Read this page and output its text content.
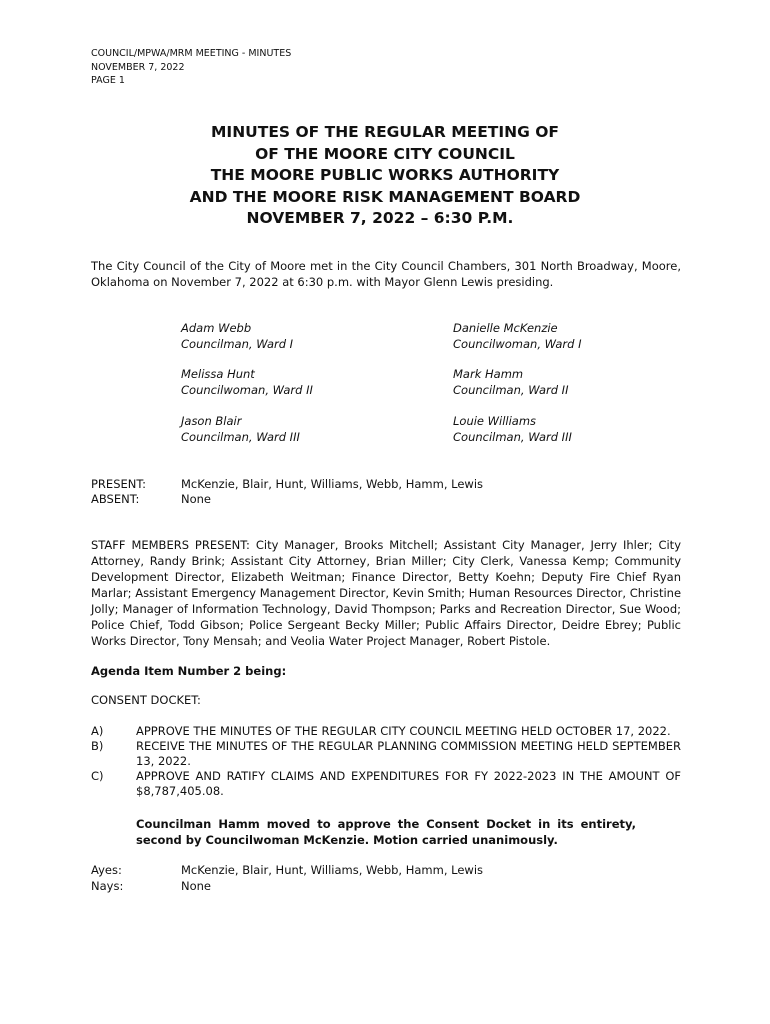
COUNCIL/MPWA/MRM MEETING - MINUTES
NOVEMBER 7, 2022
PAGE 1
MINUTES OF THE REGULAR MEETING OF
OF THE MOORE CITY COUNCIL
THE MOORE PUBLIC WORKS AUTHORITY
AND THE MOORE RISK MANAGEMENT BOARD
NOVEMBER 7, 2022 – 6:30 P.M.

The City Council of the City of Moore met in the City Council Chambers, 301 North Broadway, Moore, Oklahoma on November 7, 2022 at 6:30 p.m. with Mayor Glenn Lewis presiding.

Adam Webb
Councilman, Ward I
Danielle McKenzie
Councilwoman, Ward I
Melissa Hunt
Councilwoman, Ward II
Mark Hamm
Councilman, Ward II
Jason Blair
Councilman, Ward III
Louie Williams
Councilman, Ward III
PRESENT:	McKenzie, Blair, Hunt, Williams, Webb, Hamm, Lewis
ABSENT:	None

STAFF MEMBERS PRESENT: City Manager, Brooks Mitchell; Assistant City Manager, Jerry Ihler; City Attorney, Randy Brink; Assistant City Attorney, Brian Miller; City Clerk, Vanessa Kemp; Community Development Director, Elizabeth Weitman; Finance Director, Betty Koehn; Deputy Fire Chief Ryan Marlar; Assistant Emergency Management Director, Kevin Smith; Human Resources Director, Christine Jolly; Manager of Information Technology, David Thompson; Parks and Recreation Director, Sue Wood; Police Chief, Todd Gibson; Police Sergeant Becky Miller; Public Affairs Director, Deidre Ebrey; Public Works Director, Tony Mensah; and Veolia Water Project Manager, Robert Pistole.

Agenda Item Number 2 being:
CONSENT DOCKET:
A)	APPROVE THE MINUTES OF THE REGULAR CITY COUNCIL MEETING HELD OCTOBER 17, 2022.
B)	RECEIVE THE MINUTES OF THE REGULAR PLANNING COMMISSION MEETING HELD SEPTEMBER 13, 2022.
C)	APPROVE AND RATIFY CLAIMS AND EXPENDITURES FOR FY 2022-2023 IN THE AMOUNT OF $8,787,405.08.
Councilman Hamm moved to approve the Consent Docket in its entirety, second by Councilwoman McKenzie. Motion carried unanimously.
Ayes:	McKenzie, Blair, Hunt, Williams, Webb, Hamm, Lewis
Nays:	None
